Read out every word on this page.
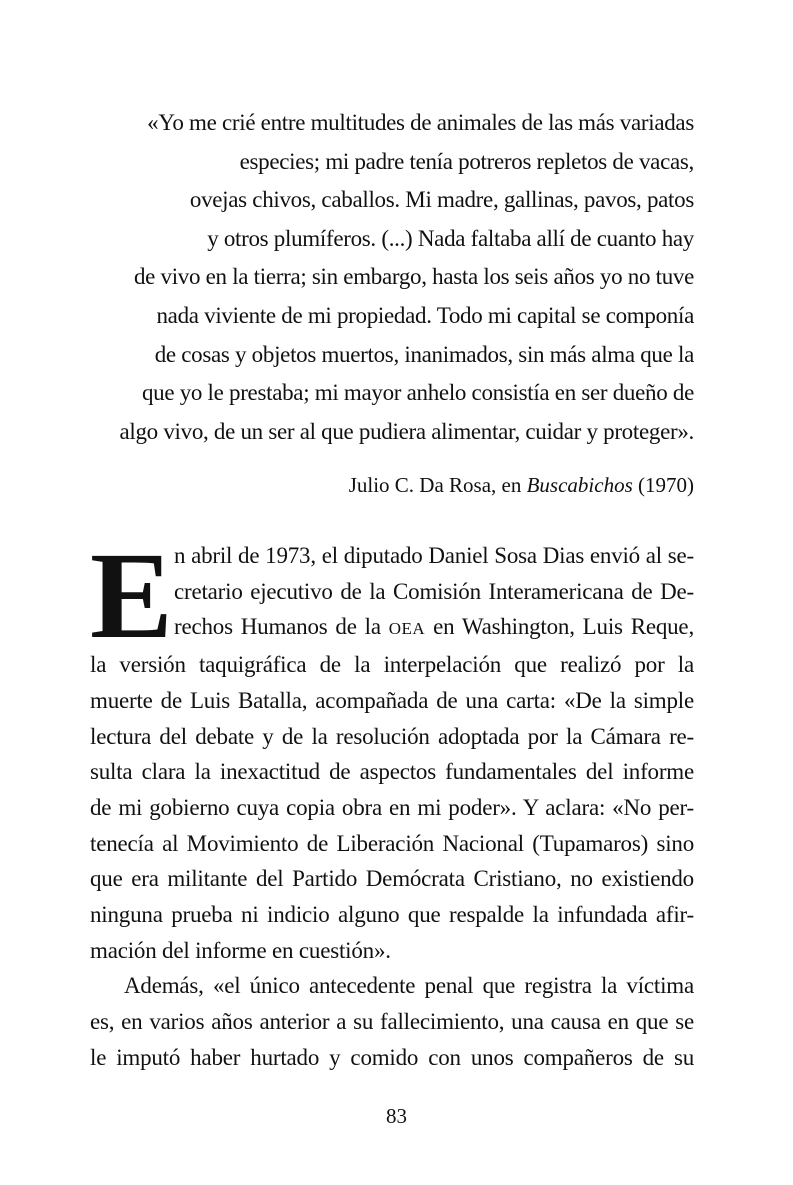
«Yo me crié entre multitudes de animales de las más variadas
especies; mi padre tenía potreros repletos de vacas,
ovejas chivos, caballos. Mi madre, gallinas, pavos, patos
y otros plumíferos. (...) Nada faltaba allí de cuanto hay
de vivo en la tierra; sin embargo, hasta los seis años yo no tuve
nada viviente de mi propiedad. Todo mi capital se componía
de cosas y objetos muertos, inanimados, sin más alma que la
que yo le prestaba; mi mayor anhelo consistía en ser dueño de
algo vivo, de un ser al que pudiera alimentar, cuidar y proteger».
Julio C. Da Rosa, en Buscabichos (1970)
E n abril de 1973, el diputado Daniel Sosa Dias envió al se-
cretario ejecutivo de la Comisión Interamericana de De-
rechos Humanos de la OEA en Washington, Luis Reque,
la versión taquigráfica de la interpelación que realizó por la
muerte de Luis Batalla, acompañada de una carta: «De la simple
lectura del debate y de la resolución adoptada por la Cámara re-
sulta clara la inexactitud de aspectos fundamentales del informe
de mi gobierno cuya copia obra en mi poder». Y aclara: «No per-
tenecía al Movimiento de Liberación Nacional (Tupamaros) sino
que era militante del Partido Demócrata Cristiano, no existiendo
ninguna prueba ni indicio alguno que respalde la infundada afir-
mación del informe en cuestión».
Además, «el único antecedente penal que registra la víctima
es, en varios años anterior a su fallecimiento, una causa en que se
le imputó haber hurtado y comido con unos compañeros de su
83
